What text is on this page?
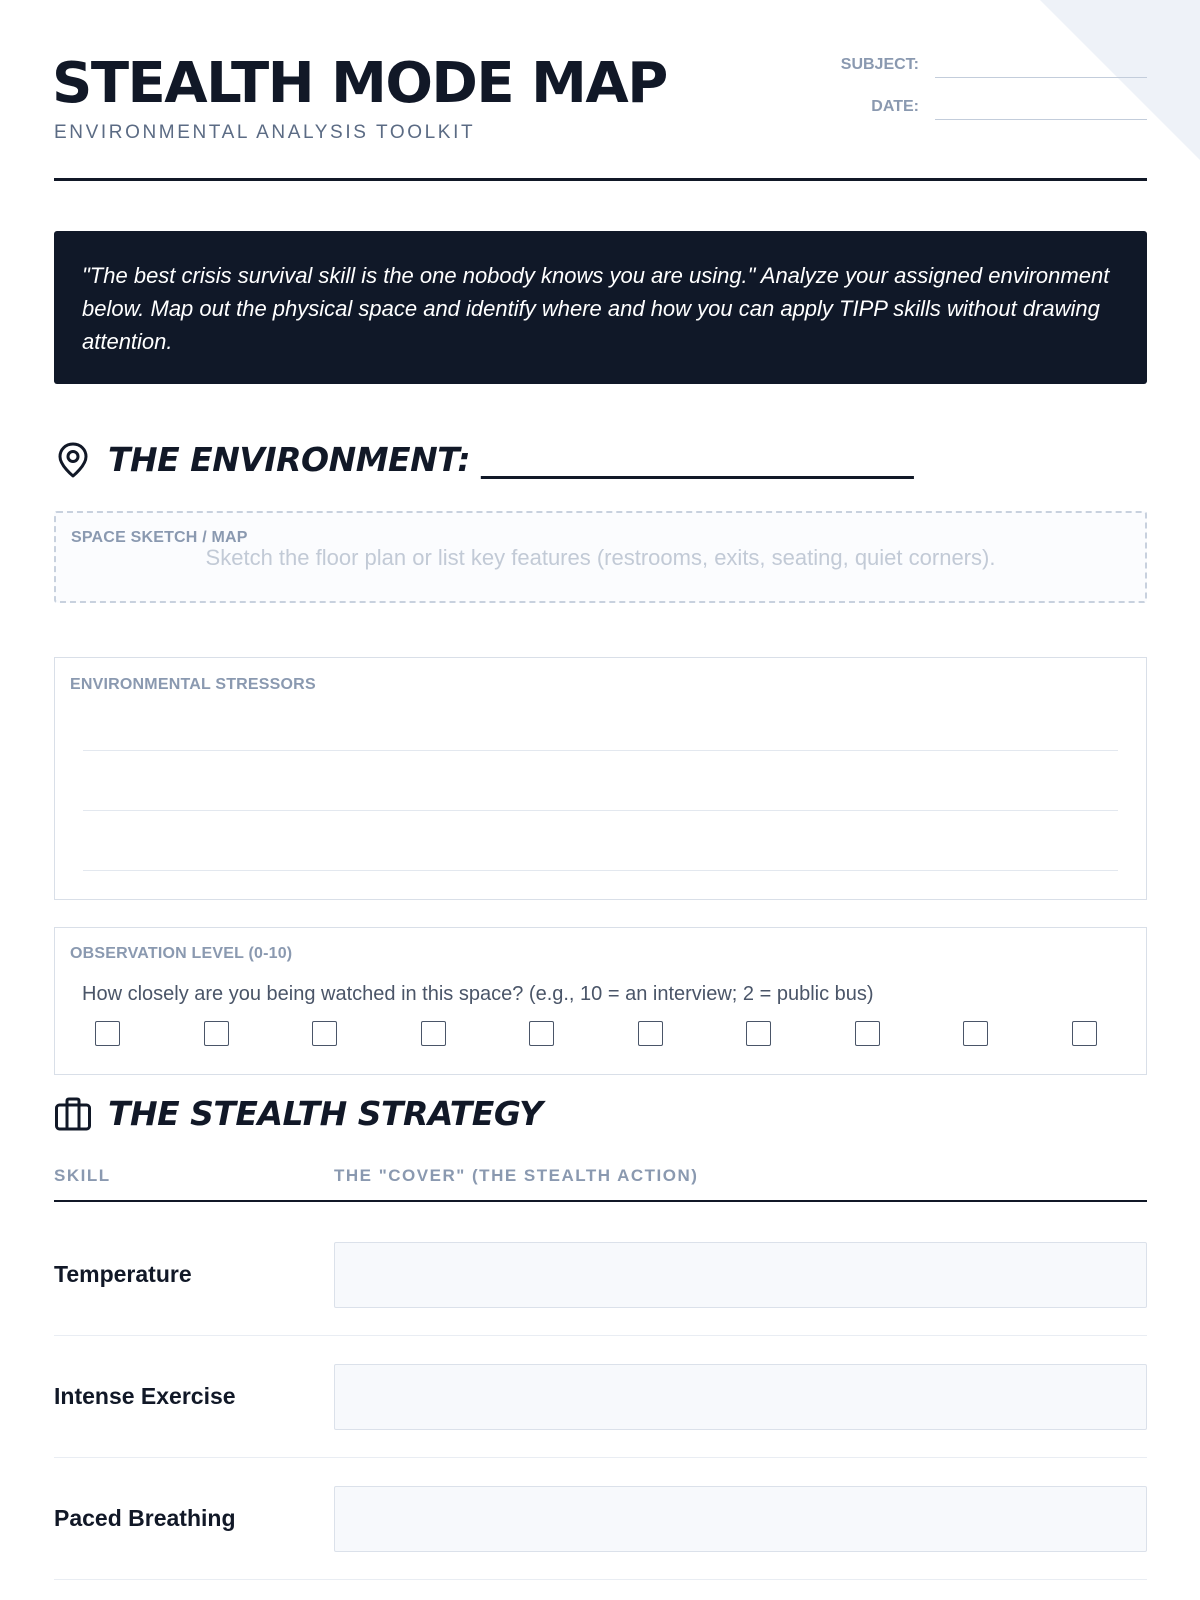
STEALTH MODE MAP
ENVIRONMENTAL ANALYSIS TOOLKIT
SUBJECT:
DATE:
"The best crisis survival skill is the one nobody knows you are using." Analyze your assigned environment below. Map out the physical space and identify where and how you can apply TIPP skills without drawing attention.
THE ENVIRONMENT: ___________________________
SPACE SKETCH / MAP
Sketch the floor plan or list key features (restrooms, exits, seating, quiet corners).
ENVIRONMENTAL STRESSORS
OBSERVATION LEVEL (0-10)
How closely are you being watched in this space? (e.g., 10 = an interview; 2 = public bus)
THE STEALTH STRATEGY
SKILL	THE "COVER" (THE STEALTH ACTION)
Temperature
Intense Exercise
Paced Breathing
